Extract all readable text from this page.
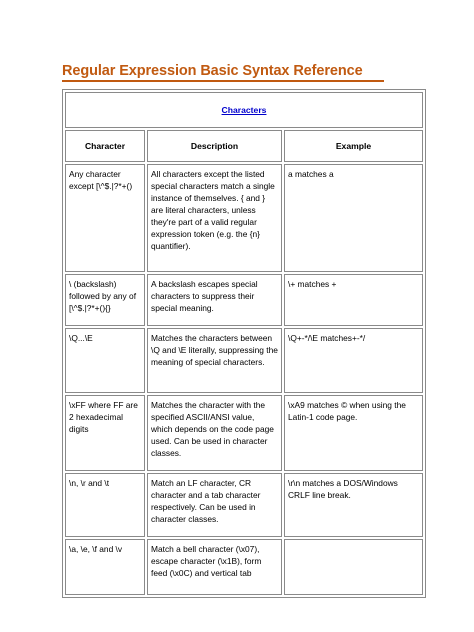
Regular Expression Basic Syntax Reference
Characters		
Character	Description	Example
Any character except [\^$.|?*+()	All characters except the listed special characters match a single instance of themselves. { and } are literal characters, unless they're part of a valid regular expression token (e.g. the {n} quantifier).	a matches a
\ (backslash) followed by any of [\^$.|?*+(){}	A backslash escapes special characters to suppress their special meaning.	\+ matches +
\Q...\E	Matches the characters between \Q and \E literally, suppressing the meaning of special characters.	\Q+-*/\E matches+-*/
\xFF where FF are 2 hexadecimal digits	Matches the character with the specified ASCII/ANSI value, which depends on the code page used. Can be used in character classes.	\xA9 matches © when using the Latin-1 code page.
\n, \r and \t	Match an LF character, CR character and a tab character respectively. Can be used in character classes.	\r\n matches a DOS/Windows CRLF line break.
\a, \e, \f and \v	Match a bell character (\x07), escape character (\x1B), form feed (\x0C) and vertical tab	
